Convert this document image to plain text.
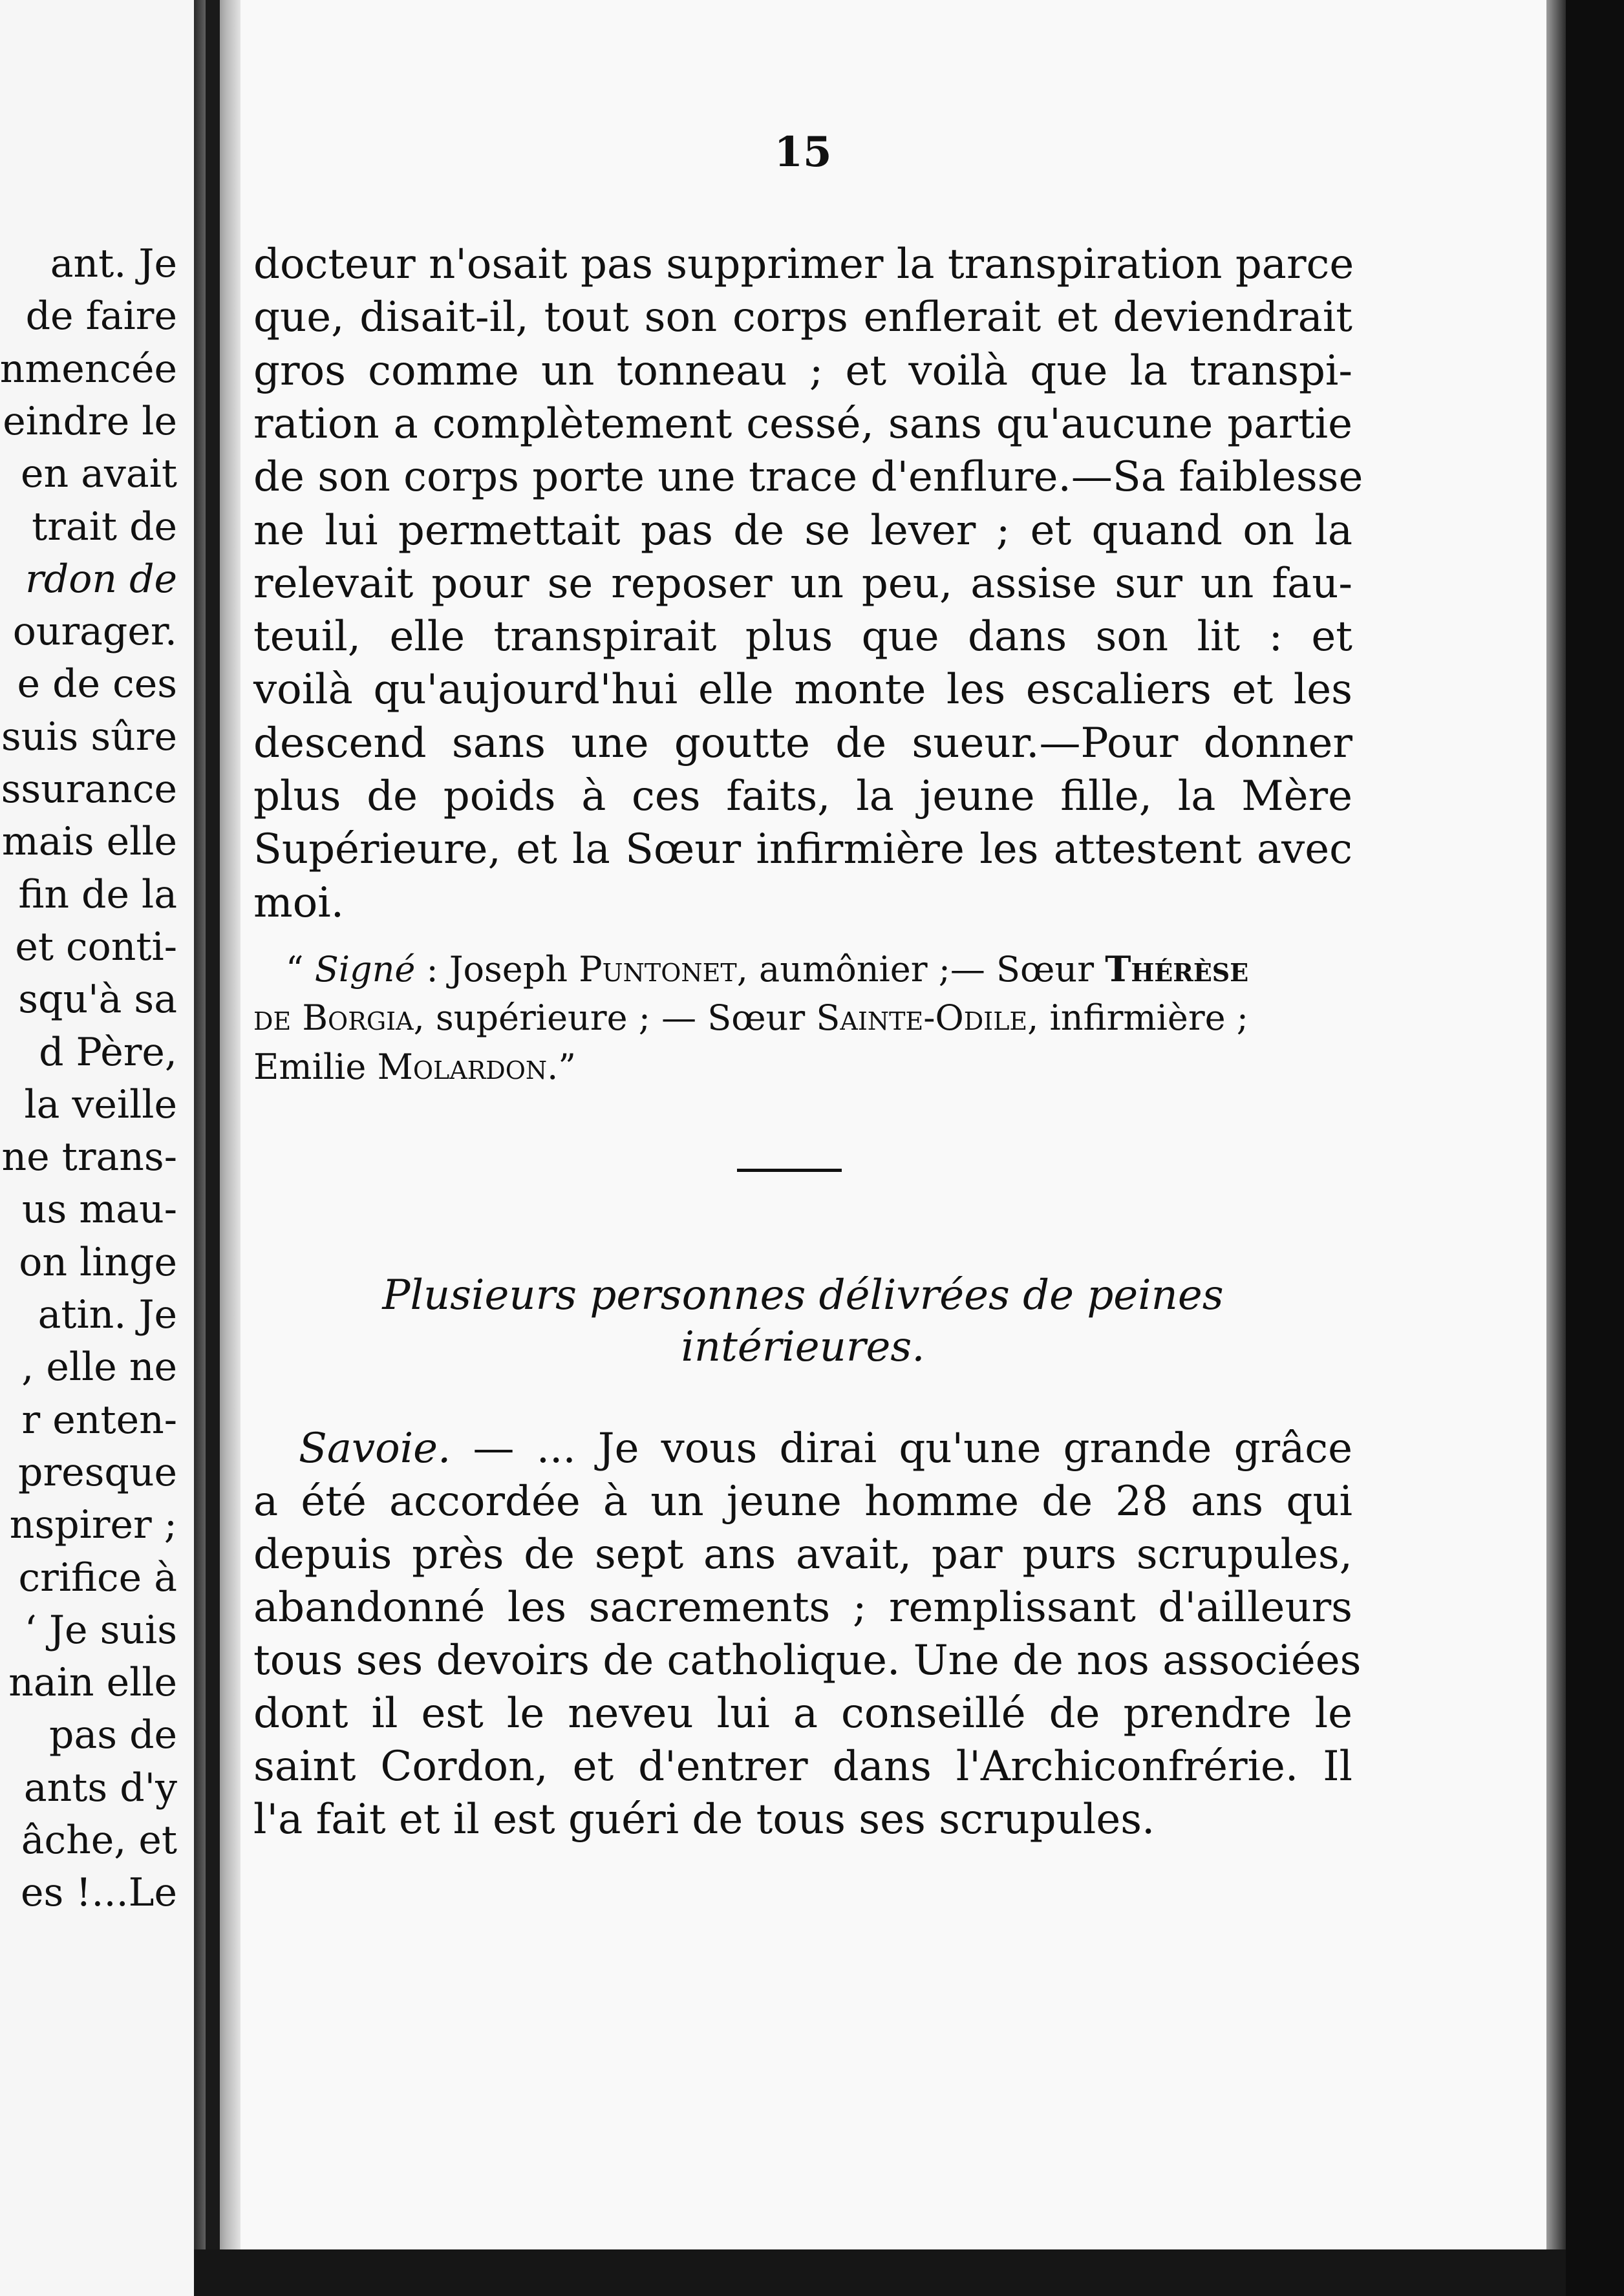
ant. Je
de faire
nmencée
eindre le
en avait
trait de
rdon de
ourager.
e de ces
suis sûre
ssurance
mais elle
fin de la
et conti-
squ'à sa
d Père,
la veille
ne trans-
us mau-
on linge
atin. Je
, elle ne
r enten-
presque
nspirer ;
crifice à
‘ Je suis
nain elle
pas de
ants d'y
âche, et
es !...Le
15
docteur n'osait pas supprimer la transpiration parce
que, disait-il, tout son corps enflerait et deviendrait
gros comme un tonneau ; et voilà que la transpi-
ration a complètement cessé, sans qu'aucune partie
de son corps porte une trace d'enflure.—Sa faiblesse
ne lui permettait pas de se lever ; et quand on la
relevait pour se reposer un peu, assise sur un fau-
teuil, elle transpirait plus que dans son lit : et
voilà qu'aujourd'hui elle monte les escaliers et les
descend sans une goutte de sueur.—Pour donner
plus de poids à ces faits, la jeune fille, la Mère
Supérieure, et la Sœur infirmière les attestent avec
moi.
“ Signé : Joseph Puntonet, aumônier ;— Sœur Thérèse
de Borgia, supérieure ; — Sœur Sainte-Odile, infirmière ;
Emilie Molardon.”
Plusieurs personnes délivrées de peines
intérieures.
Savoie. — ... Je vous dirai qu'une grande grâce
a été accordée à un jeune homme de 28 ans qui
depuis près de sept ans avait, par purs scrupules,
abandonné les sacrements ; remplissant d'ailleurs
tous ses devoirs de catholique. Une de nos associées
dont il est le neveu lui a conseillé de prendre le
saint Cordon, et d'entrer dans l'Archiconfrérie. Il
l'a fait et il est guéri de tous ses scrupules.
